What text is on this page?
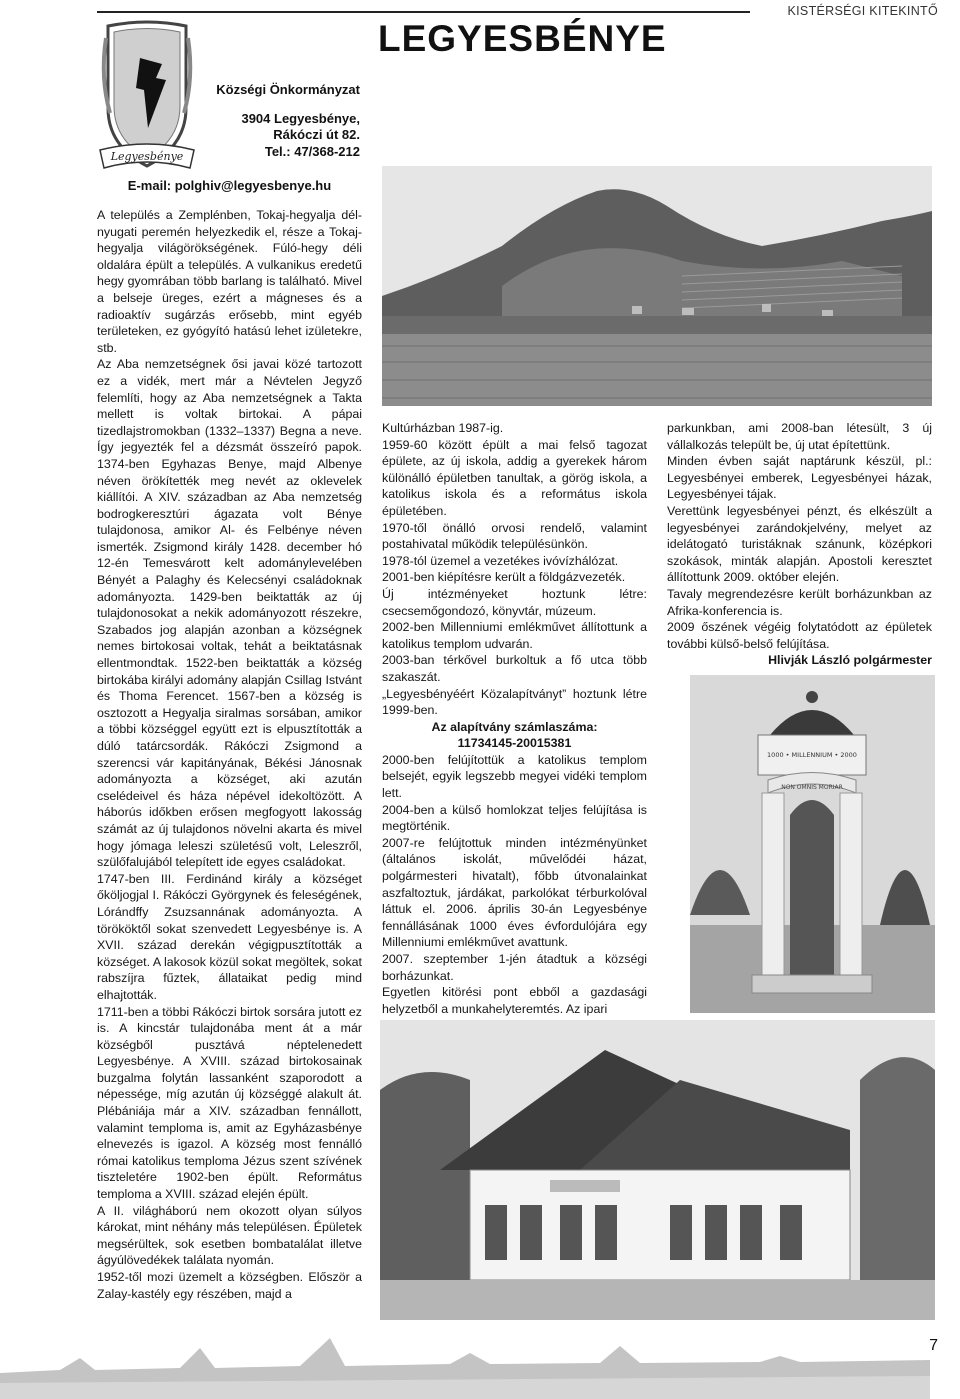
KISTÉRSÉGI KITEKINTŐ
LEGYESBÉNYE
Legyesbénye
Községi Önkormányzat
3904 Legyesbénye,
Rákóczi út 82.
Tel.: 47/368-212
E-mail: polghiv@legyesbenye.hu
1000 • MILLENNIUM • 2000
NON OMNIS MORIAR

A település a Zemplénben, Tokaj-hegyalja dél-nyugati peremén helyezkedik el, része a Tokaj-hegyalja világörökségének. Fúló-hegy déli oldalára épült a település. A vulkanikus eredetű hegy gyomrában több barlang is található. Mivel a belseje üreges, ezért a mágneses és a radioaktív sugárzás erősebb, mint egyéb területeken, ez gyógyító hatású lehet izületekre, stb.

Az Aba nemzetségnek ősi javai közé tartozott ez a vidék, mert már a Névtelen Jegyző felemlíti, hogy az Aba nemzetségnek a Takta mellett is voltak birtokai. A pápai tizedlajstromokban (1332–1337) Begna a neve. Így jegyezték fel a dézsmát összeíró papok. 1374-ben Egyhazas Benye, majd Albenye néven örökítették meg nevét az oklevelek kiállítói. A XIV. században az Aba nemzetség bodrogkeresztúri ágazata volt Bénye tulajdonosa, amikor Al- és Felbénye néven ismerték. Zsigmond király 1428. december hó 12-én Temesvárott kelt adománylevelében Bényét a Palaghy és Kelecsényi családoknak adományozta. 1429-ben beiktatták az új tulajdonosokat a nekik adományozott részekre, Szabados jog alapján azonban a községnek nemes birtokosai voltak, tehát a beiktatásnak ellentmondtak. 1522-ben beiktatták a község birtokába királyi adomány alapján Csillag Istvánt és Thoma Ferencet. 1567-ben a község is osztozott a Hegyalja siralmas sorsában, amikor a többi községgel együtt ezt is elpusztították a dúló tatárcsordák. Rákóczi Zsigmond a szerencsi vár kapitányának, Békési Jánosnak adományozta a községet, aki azután cselédeivel és háza népével idekoltözött. A háborús időkben erősen megfogyott lakosság számát az új tulajdonos növelni akarta és mivel hogy jómaga leleszi születésű volt, Leleszről, szülőfalujából telepített ide egyes családokat.

1747-ben III. Ferdinánd király a községet őköljogjal I. Rákóczi Györgynek és feleségének, Lórándffy Zsuzsannának adományozta. A törököktől sokat szenvedett Legyesbénye is. A XVII. század derekán végigpusztították a községet. A lakosok közül sokat megöltek, sokat rabszíjra fűztek, állataikat pedig mind elhajtották.

1711-ben a többi Rákóczi birtok sorsára jutott ez is. A kincstár tulajdonába ment át a már községből pusztává néptelenedett Legyesbénye. A XVIII. század birtokosainak buzgalma folytán lassanként szaporodott a népessége, míg azután új községgé alakult át. Plébániája már a XIV. században fennállott, valamint temploma is, amit az Egyházasbénye elnevezés is igazol. A község most fennálló római katolikus temploma Jézus szent szívének tiszteletére 1902-ben épült. Református temploma a XVIII. század elején épült.

A II. világháború nem okozott olyan súlyos károkat, mint néhány más településen. Épületek megsérültek, sok esetben bombatalálat illetve ágyúlövedékek találata nyomán.

1952-től mozi üzemelt a községben. Először a Zalay-kastély egy részében, majd a

Kultúrházban 1987-ig.

1959-60 között épült a mai felső tagozat épülete, az új iskola, addig a gyerekek három különálló épületben tanultak, a görög iskola, a katolikus iskola és a református iskola épületében.

1970-től önálló orvosi rendelő, valamint postahivatal működik településünkön.

1978-tól üzemel a vezetékes ivóvízhálózat.

2001-ben kiépítésre került a földgázvezeték.

Új intézményeket hoztunk létre: csecsemőgondozó, könyvtár, múzeum.

2002-ben Millenniumi emlékművet állítottunk a katolikus templom udvarán.

2003-ban térkővel burkoltuk a fő utca több szakaszát.

„Legyesbényéért Közalapítványt” hoztunk létre 1999-ben.

Az alapítvány számlaszáma:

11734145-20015381

2000-ben felújítottük a katolikus templom belsejét, egyik legszebb megyei vidéki templom lett.

2004-ben a külső homlokzat teljes felújítása is megtörténik.

2007-re felújtottuk minden intézményünket (általános iskolát, művelődéi házat, polgármesteri hivatalt), főbb útvonalainkat aszfaltoztuk, járdákat, parkolókat térburkolóval láttuk el. 2006. április 30-án Legyesbénye fennállásának 1000 éves évfordulójára egy Millenniumi emlékművet avattunk.

2007. szeptember 1-jén átadtuk a községi borházunkat.

Egyetlen kitörési pont ebből a gazdasági helyzetből a munkahelyteremtés. Az ipari

parkunkban, ami 2008-ban létesült, 3 új vállalkozás települt be, új utat építettünk.

Minden évben saját naptárunk készül, pl.: Legyesbényei emberek, Legyesbényei házak, Legyesbényei tájak.

Verettünk legyesbényei pénzt, és elkészült a legyesbényei zarándokjelvény, melyet az idelátogató turistáknak szánunk, középkori szokások, minták alapján. Apostoli keresztet állítottunk 2009. október elején.

Tavaly megrendezésre került borházunkban az Afrika-konferencia is.

2009 őszének végéig folytatódott az épületek további külső-belső felújítása.

Hlivják László polgármester

7
